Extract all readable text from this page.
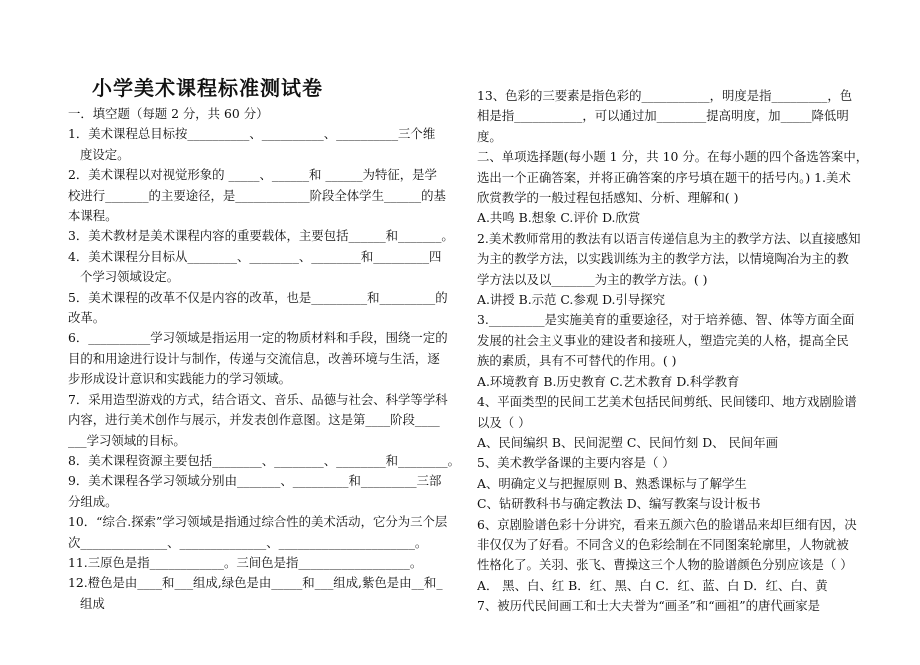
小学美术课程标准测试卷

一．填空题（每题 2 分，共 60 分）

1．美术课程总目标按__________、__________、__________三个维

度设定。

2．美术课程以对视觉形象的 _____、______和 ______为特征，是学

校进行_______的主要途径，是____________阶段全体学生______的基

本课程。

3．美术教材是美术课程内容的重要载体，主要包括______和_______。

4．美术课程分目标从________、________、________和_________四

个学习领域设定。

5．美术课程的改革不仅是内容的改革，也是_________和_________的

改革。

6．__________学习领域是指运用一定的物质材料和手段，围绕一定的

目的和用途进行设计与制作，传递与交流信息，改善环境与生活，逐

步形成设计意识和实践能力的学习领域。

7．采用造型游戏的方式，结合语文、音乐、品德与社会、科学等学科

内容，进行美术创作与展示，并发表创作意图。这是第____阶段____

___学习领域的目标。

8．美术课程资源主要包括________、________、________和________。

9．美术课程各学习领域分别由_______、_________和_________三部

分组成。

10．“综合.探索”学习领域是指通过综合性的美术活动，它分为三个层

次______________、______________、______________________。

11.三原色是指____________。三间色是指__________________。

12.橙色是由____和___组成,绿色是由_____和___组成,紫色是由__和_

组成

13、色彩的三要素是指色彩的___________，明度是指_________，色

相是指___________，可以通过加________提高明度，加_____降低明

度。

二、单项选择题(每小题 1 分，共 10 分。在每小题的四个备选答案中，

选出一个正确答案，并将正确答案的序号填在题干的括号内。) 1.美术

欣赏教学的一般过程包括感知、分析、理解和( )

A.共鸣 B.想象 C.评价 D.欣赏

2.美术教师常用的教法有以语言传递信息为主的教学方法、以直接感知

为主的教学方法，以实践训练为主的教学方法，以情境陶冶为主的教

学方法以及以_______为主的教学方法。( )

A.讲授 B.示范 C.参观 D.引导探究

3._________是实施美育的重要途径，对于培养德、智、体等方面全面

发展的社会主义事业的建设者和接班人，塑造完美的人格，提高全民

族的素质，具有不可替代的作用。( )

A.环境教育 B.历史教育 C.艺术教育 D.科学教育

4、平面类型的民间工艺美术包括民间剪纸、民间镂印、地方戏剧脸谱

以及（ ）

A、民间编织 B、民间泥塑 C、民间竹刻 D、 民间年画

5、美术教学备课的主要内容是（ ）

A、明确定义与把握原则 B、熟悉课标与了解学生

C、钻研教科书与确定教法 D、编写教案与设计板书

6、京剧脸谱色彩十分讲究，看来五颜六色的脸谱品来却巨细有因，决

非仅仅为了好看。不同含义的色彩绘制在不同图案轮廓里，人物就被

性格化了。关羽、张飞、曹操这三个人物的脸谱颜色分别应该是（ ）

A． 黑、白、红 B．红、黑、白 C．红、蓝、白 D．红、白、黄

7、被历代民间画工和士大夫誉为“画圣”和“画祖”的唐代画家是
